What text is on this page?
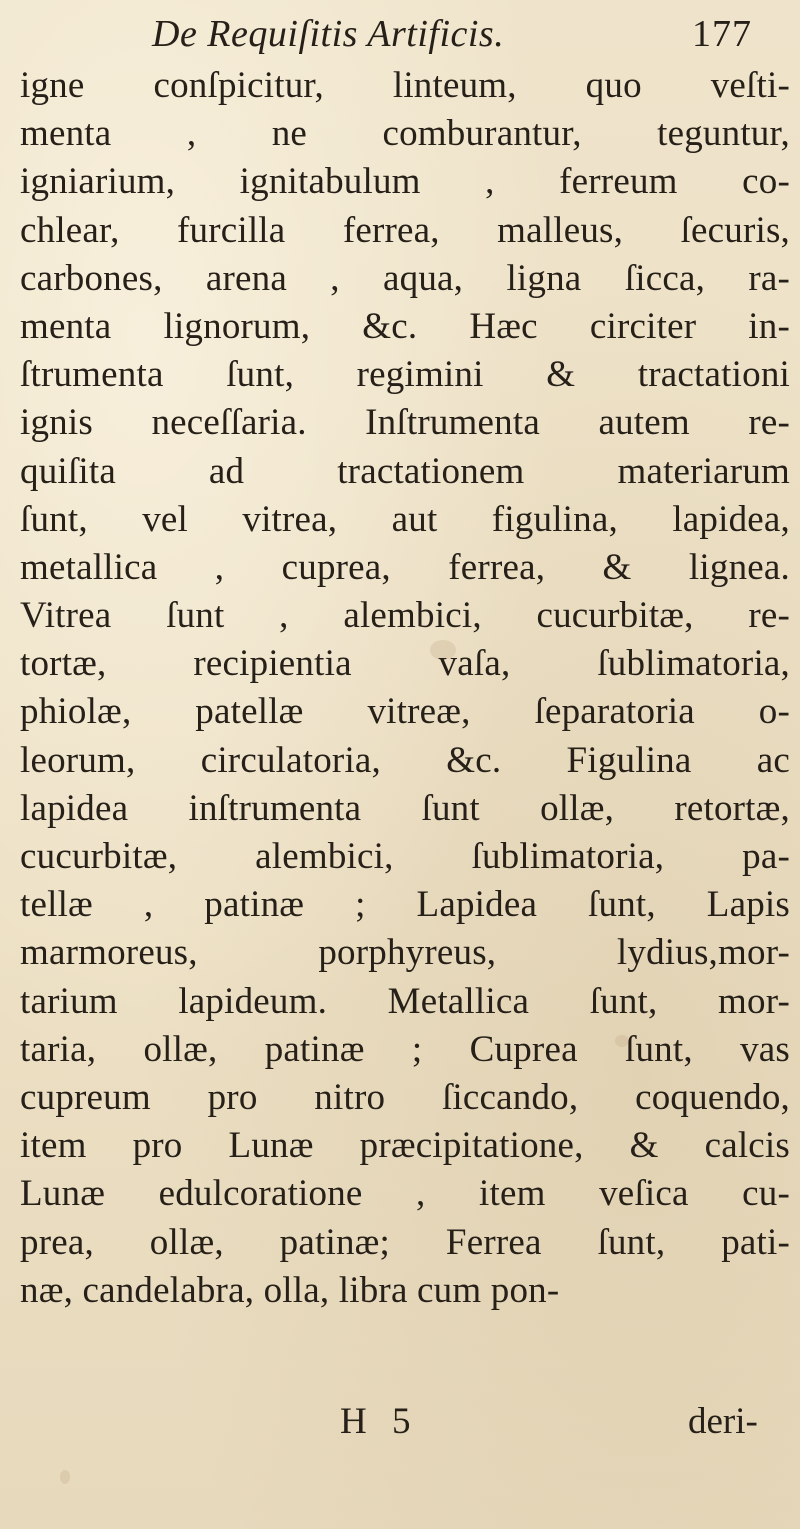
De Requiſitis Artificis.	177
igne conſpicitur, linteum, quo veſti-
menta , ne comburantur, teguntur,
igniarium, ignitabulum , ferreum co-
chlear, furcilla ferrea, malleus, ſecuris,
carbones, arena , aqua, ligna ſicca, ra-
menta lignorum, &c. Hæc circiter in-
ſtrumenta ſunt, regimini & tractationi
ignis neceſſaria. Inſtrumenta autem re-
quiſita ad tractationem materiarum
ſunt, vel vitrea, aut figulina, lapidea,
metallica , cuprea, ferrea, & lignea.
Vitrea ſunt , alembici, cucurbitæ, re-
tortæ, recipientia vaſa, ſublimatoria,
phiolæ, patellæ vitreæ, ſeparatoria o-
leorum, circulatoria, &c. Figulina ac
lapidea inſtrumenta ſunt ollæ, retortæ,
cucurbitæ, alembici, ſublimatoria, pa-
tellæ , patinæ ; Lapidea ſunt, Lapis
marmoreus, porphyreus, lydius,mor-
tarium lapideum. Metallica ſunt, mor-
taria, ollæ, patinæ ; Cuprea ſunt, vas
cupreum pro nitro ſiccando, coquendo,
item pro Lunæ præcipitatione, & calcis
Lunæ edulcoratione , item veſica cu-
prea, ollæ, patinæ; Ferrea ſunt, pati-
næ, candelabra, olla, libra cum pon-
H 5	deri-
